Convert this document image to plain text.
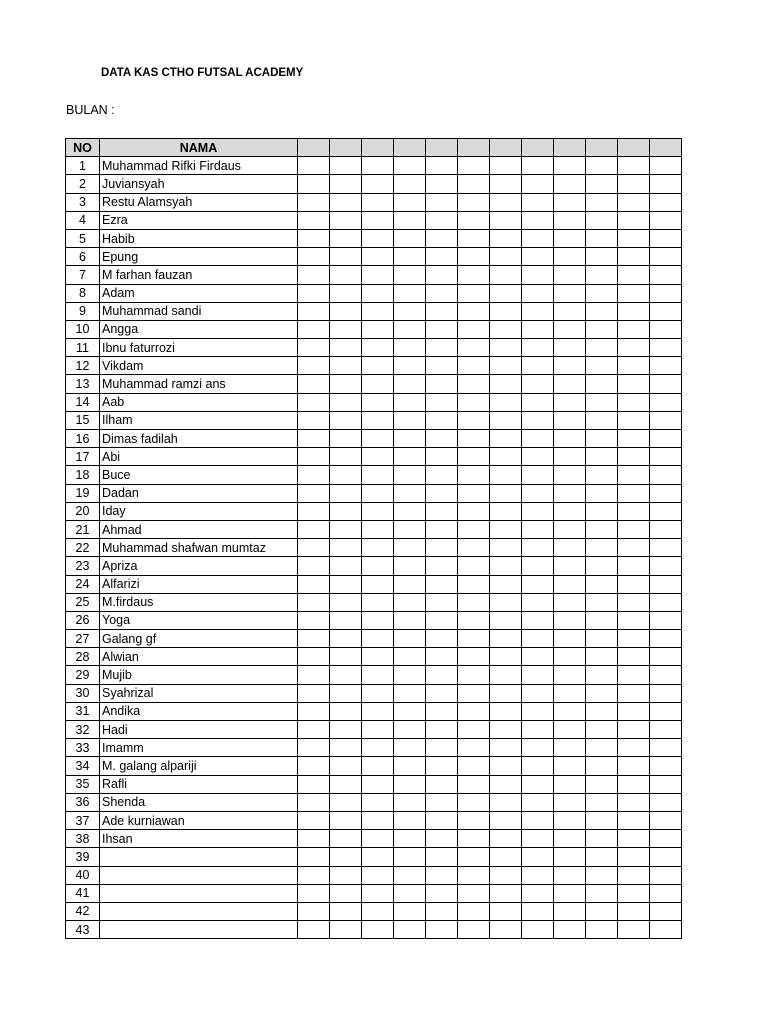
DATA KAS CTHO FUTSAL ACADEMY
BULAN :
NO	NAMA												
1	Muhammad Rifki Firdaus												
2	Juviansyah												
3	Restu Alamsyah												
4	Ezra												
5	Habib												
6	Epung												
7	M farhan fauzan												
8	Adam												
9	Muhammad sandi												
10	Angga												
11	Ibnu faturrozi												
12	Vikdam												
13	Muhammad ramzi ans												
14	Aab												
15	Ilham												
16	Dimas fadilah												
17	Abi												
18	Buce												
19	Dadan												
20	Iday												
21	Ahmad												
22	Muhammad shafwan mumtaz												
23	Apriza												
24	Alfarizi												
25	M.firdaus												
26	Yoga												
27	Galang gf												
28	Alwian												
29	Mujib												
30	Syahrizal												
31	Andika												
32	Hadi												
33	Imamm												
34	M. galang alpariji												
35	Rafli												
36	Shenda												
37	Ade kurniawan												
38	Ihsan												
39													
40													
41													
42													
43													
